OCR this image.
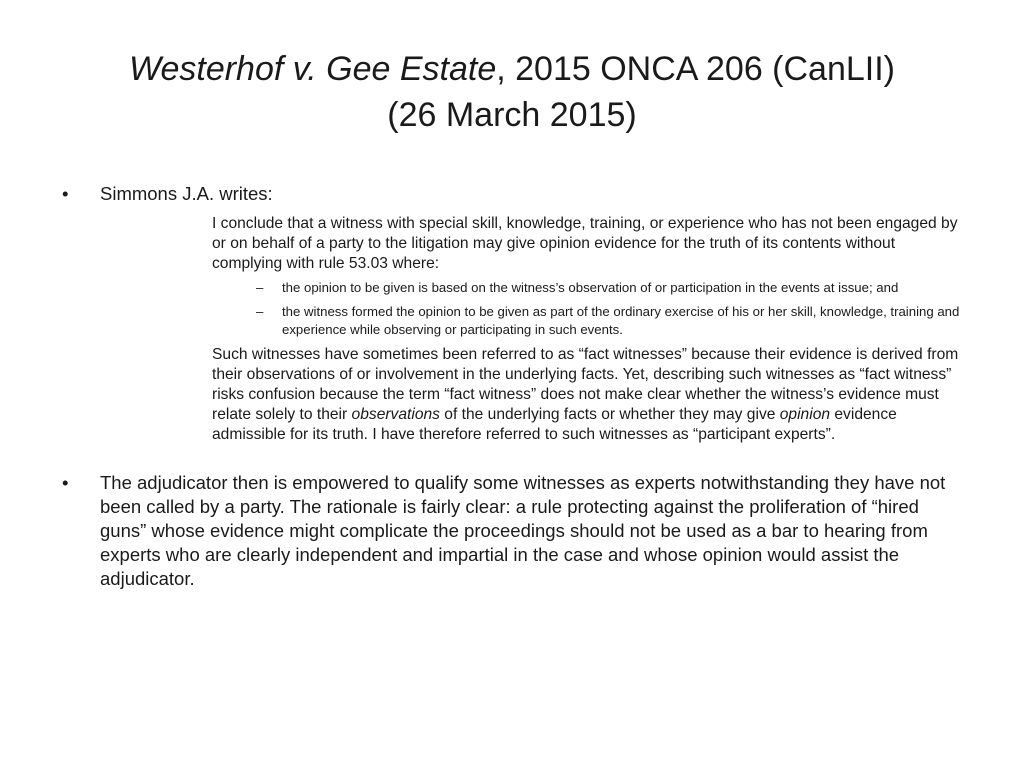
Westerhof v. Gee Estate, 2015 ONCA 206 (CanLII)
(26 March 2015)
• Simmons J.A. writes:

I conclude that a witness with special skill, knowledge, training, or experience who has not been engaged by or on behalf of a party to the litigation may give opinion evidence for the truth of its contents without complying with rule 53.03 where:

– the opinion to be given is based on the witness’s observation of or participation in the events at issue; and
– the witness formed the opinion to be given as part of the ordinary exercise of his or her skill, knowledge, training and experience while observing or participating in such events.

Such witnesses have sometimes been referred to as “fact witnesses” because their evidence is derived from their observations of or involvement in the underlying facts. Yet, describing such witnesses as “fact witness” risks confusion because the term “fact witness” does not make clear whether the witness’s evidence must relate solely to their observations of the underlying facts or whether they may give opinion evidence admissible for its truth. I have therefore referred to such witnesses as “participant experts”.

• The adjudicator then is empowered to qualify some witnesses as experts notwithstanding they have not been called by a party. The rationale is fairly clear: a rule protecting against the proliferation of “hired guns” whose evidence might complicate the proceedings should not be used as a bar to hearing from experts who are clearly independent and impartial in the case and whose opinion would assist the adjudicator.
